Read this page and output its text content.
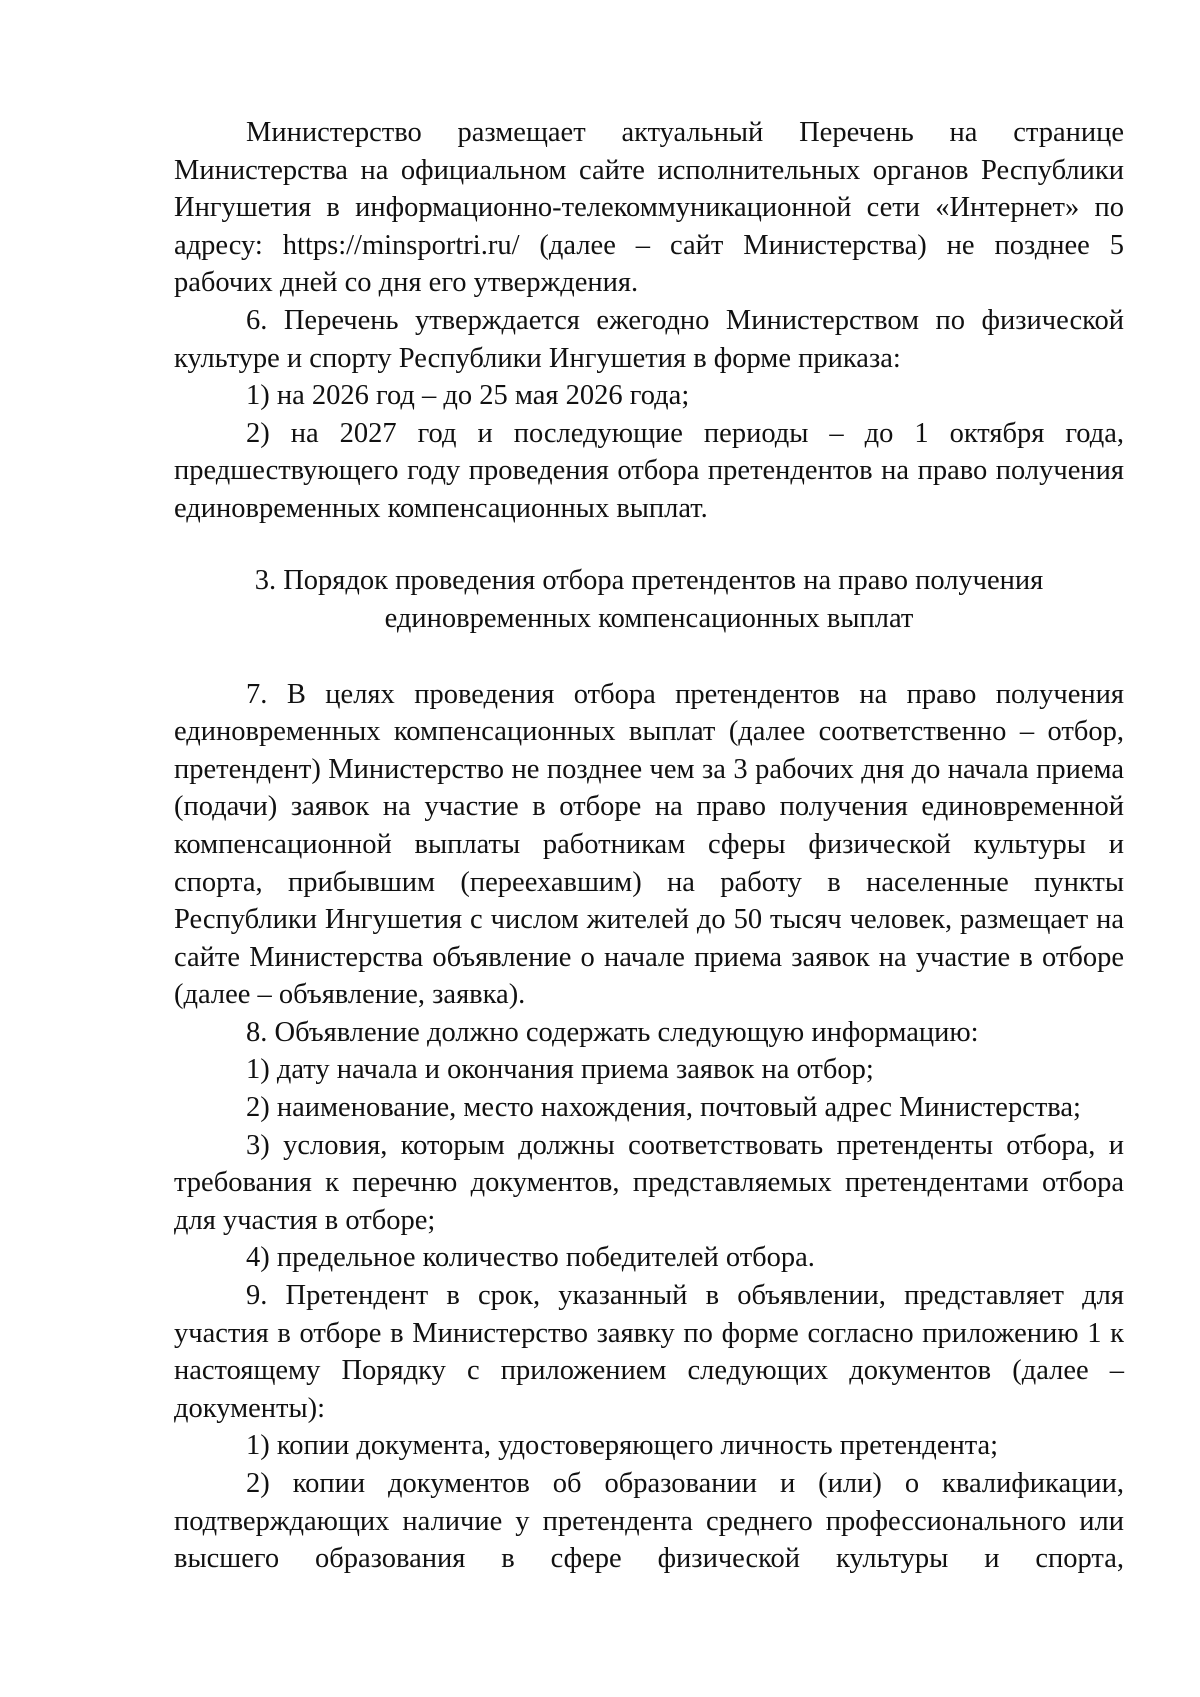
Министерство размещает актуальный Перечень на странице Министерства на официальном сайте исполнительных органов Республики Ингушетия в информационно-телекоммуникационной сети «Интернет» по адресу: https://minsportri.ru/ (далее – сайт Министерства) не позднее 5 рабочих дней со дня его утверждения.

6. Перечень утверждается ежегодно Министерством по физической культуре и спорту Республики Ингушетия в форме приказа:

1) на 2026 год – до 25 мая 2026 года;

2) на 2027 год и последующие периоды – до 1 октября года, предшествующего году проведения отбора претендентов на право получения единовременных компенсационных выплат.

3. Порядок проведения отбора претендентов на право получения
единовременных компенсационных выплат

7. В целях проведения отбора претендентов на право получения единовременных компенсационных выплат (далее соответственно – отбор, претендент) Министерство не позднее чем за 3 рабочих дня до начала приема (подачи) заявок на участие в отборе на право получения единовременной компенсационной выплаты работникам сферы физической культуры и спорта, прибывшим (переехавшим) на работу в населенные пункты Республики Ингушетия с числом жителей до 50 тысяч человек, размещает на сайте Министерства объявление о начале приема заявок на участие в отборе (далее – объявление, заявка).

8. Объявление должно содержать следующую информацию:

1) дату начала и окончания приема заявок на отбор;

2) наименование, место нахождения, почтовый адрес Министерства;

3) условия, которым должны соответствовать претенденты отбора, и требования к перечню документов, представляемых претендентами отбора для участия в отборе;

4) предельное количество победителей отбора.

9. Претендент в срок, указанный в объявлении, представляет для участия в отборе в Министерство заявку по форме согласно приложению 1 к настоящему Порядку с приложением следующих документов (далее – документы):

1) копии документа, удостоверяющего личность претендента;

2) копии документов об образовании и (или) о квалификации, подтверждающих наличие у претендента среднего профессионального или высшего образования в сфере физической культуры и спорта,
